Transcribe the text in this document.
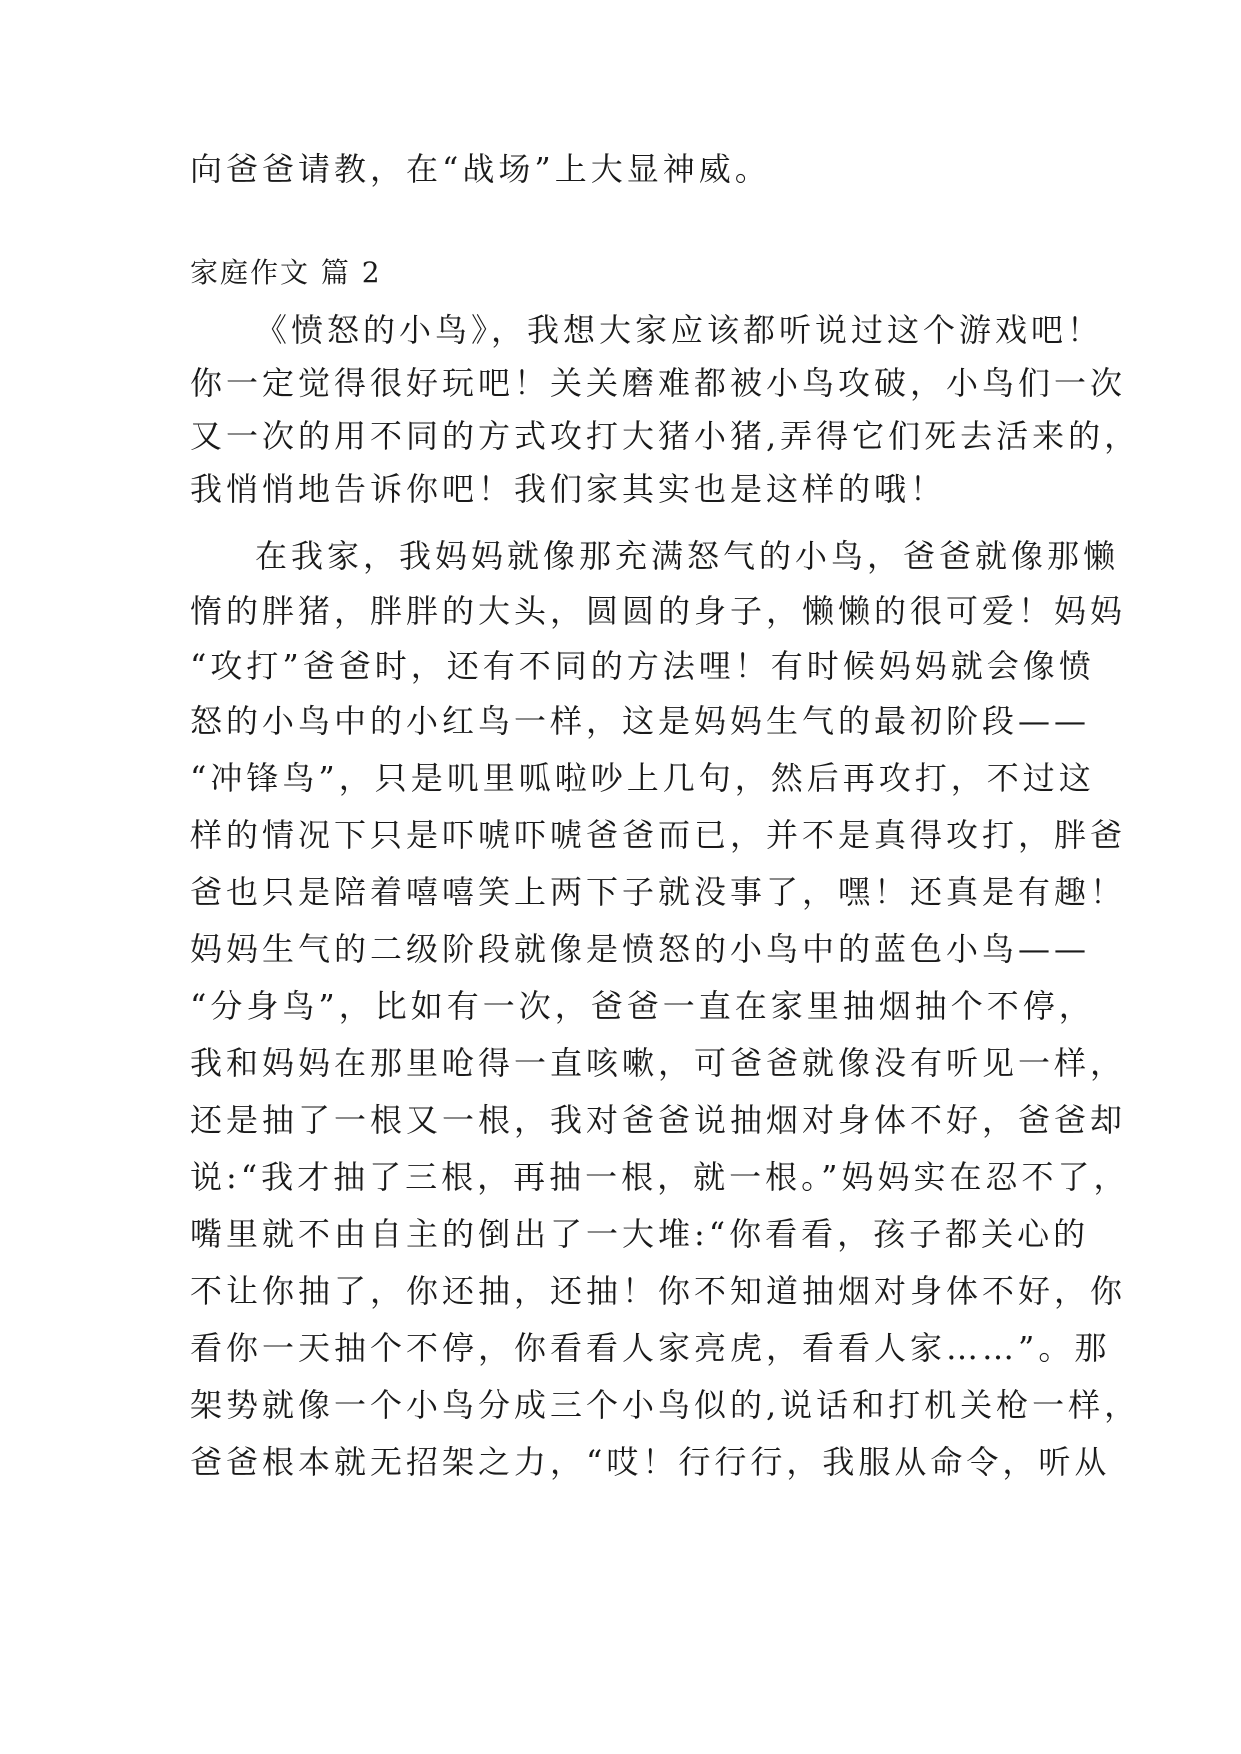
向爸爸请教，在“战场”上大显神威。
家庭作文 篇 2
《愤怒的小鸟》，我想大家应该都听说过这个游戏吧！
你一定觉得很好玩吧！关关磨难都被小鸟攻破，小鸟们一次
又一次的用不同的方式攻打大猪小猪,弄得它们死去活来的，
我悄悄地告诉你吧！我们家其实也是这样的哦！
在我家，我妈妈就像那充满怒气的小鸟，爸爸就像那懒
惰的胖猪，胖胖的大头，圆圆的身子，懒懒的很可爱！妈妈
“攻打”爸爸时，还有不同的方法哩！有时候妈妈就会像愤
怒的小鸟中的小红鸟一样，这是妈妈生气的最初阶段——
“冲锋鸟”，只是叽里呱啦吵上几句，然后再攻打，不过这
样的情况下只是吓唬吓唬爸爸而已，并不是真得攻打，胖爸
爸也只是陪着嘻嘻笑上两下子就没事了，嘿！还真是有趣！
妈妈生气的二级阶段就像是愤怒的小鸟中的蓝色小鸟——
“分身鸟”，比如有一次，爸爸一直在家里抽烟抽个不停，
我和妈妈在那里呛得一直咳嗽，可爸爸就像没有听见一样，
还是抽了一根又一根，我对爸爸说抽烟对身体不好，爸爸却
说:“我才抽了三根，再抽一根，就一根。”妈妈实在忍不了，
嘴里就不由自主的倒出了一大堆:“你看看，孩子都关心的
不让你抽了，你还抽，还抽！你不知道抽烟对身体不好，你
看你一天抽个不停，你看看人家亮虎，看看人家……”。那
架势就像一个小鸟分成三个小鸟似的,说话和打机关枪一样，
爸爸根本就无招架之力，“哎！行行行，我服从命令，听从
